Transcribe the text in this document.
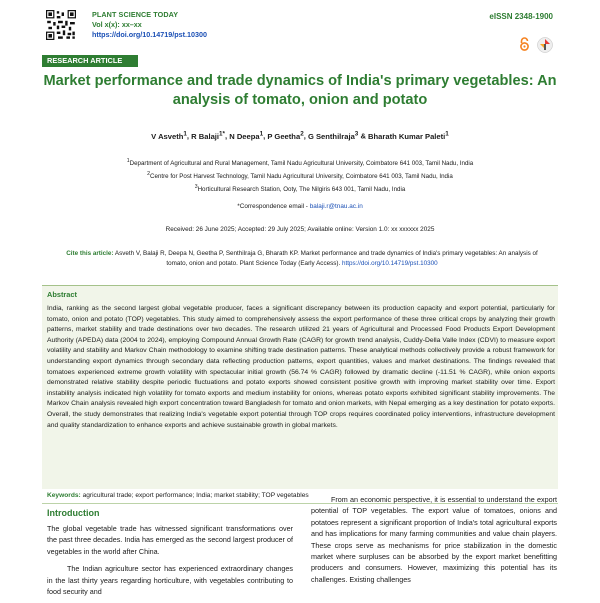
PLANT SCIENCE TODAY
Vol x(x): xx–xx
https://doi.org/10.14719/pst.10300
eISSN 2348-1900
RESEARCH ARTICLE
Market performance and trade dynamics of India's primary vegetables: An analysis of tomato, onion and potato
V Asveth$^1$, R Balaji$^{1*}$, N Deepa$^1$, P Geetha$^2$, G Senthilraja$^3$ & Bharath Kumar Paleti$^1$
$^1$Department of Agricultural and Rural Management, Tamil Nadu Agricultural University, Coimbatore 641 003, Tamil Nadu, India
$^2$Centre for Post Harvest Technology, Tamil Nadu Agricultural University, Coimbatore 641 003, Tamil Nadu, India
$^3$Horticultural Research Station, Ooty, The Nilgiris 643 001, Tamil Nadu, India
*Correspondence email - balaji.r@tnau.ac.in
Received: 26 June 2025; Accepted: 29 July 2025; Available online: Version 1.0: xx xxxxxx 2025
Cite this article: Asveth V, Balaji R, Deepa N, Geetha P, Senthilraja G, Bharath KP. Market performance and trade dynamics of India's primary vegetables: An analysis of tomato, onion and potato. Plant Science Today (Early Access). https://doi.org/10.14719/pst.10300
Abstract
India, ranking as the second largest global vegetable producer, faces a significant discrepancy between its production capacity and export potential, particularly for tomato, onion and potato (TOP) vegetables. This study aimed to comprehensively assess the export performance of these three critical crops by analyzing their growth patterns, market stability and trade destinations over two decades. The research utilized 21 years of Agricultural and Processed Food Products Export Development Authority (APEDA) data (2004 to 2024), employing Compound Annual Growth Rate (CAGR) for growth trend analysis, Cuddy-Della Valle Index (CDVI) to measure export volatility and stability and Markov Chain methodology to examine shifting trade destination patterns. These analytical methods collectively provide a robust framework for understanding export dynamics through secondary data reflecting production patterns, export quantities, values and market destinations. The findings revealed that tomatoes experienced extreme growth volatility with spectacular initial growth (56.74 % CAGR) followed by dramatic decline (-11.51 % CAGR), while onion exports demonstrated relative stability despite periodic fluctuations and potato exports showed consistent positive growth with improving market stability over time. Export instability analysis indicated high volatility for tomato exports and medium instability for onions, whereas potato exports exhibited significant stability improvements. The Markov Chain analysis revealed high export concentration toward Bangladesh for tomato and onion markets, with Nepal emerging as a key destination for potato exports. Overall, the study demonstrates that realizing India's vegetable export potential through TOP crops requires coordinated policy interventions, infrastructure development and quality standardization to enhance exports and achieve sustainable growth in global markets.
Keywords: agricultural trade; export performance; India; market stability; TOP vegetables
Introduction

The global vegetable trade has witnessed significant transformations over the past three decades. India has emerged as the second largest producer of vegetables in the world after China.

The Indian agriculture sector has experienced extraordinary changes in the last thirty years regarding horticulture, with vegetables contributing to food security and

From an economic perspective, it is essential to understand the export potential of TOP vegetables. The export value of tomatoes, onions and potatoes represent a significant proportion of India's total agricultural exports and has implications for many farming communities and value chain players. These crops serve as mechanisms for price stabilization in the domestic market where surpluses can be absorbed by the export market benefitting producers and consumers. However, maximizing this potential has its challenges. Existing challenges
